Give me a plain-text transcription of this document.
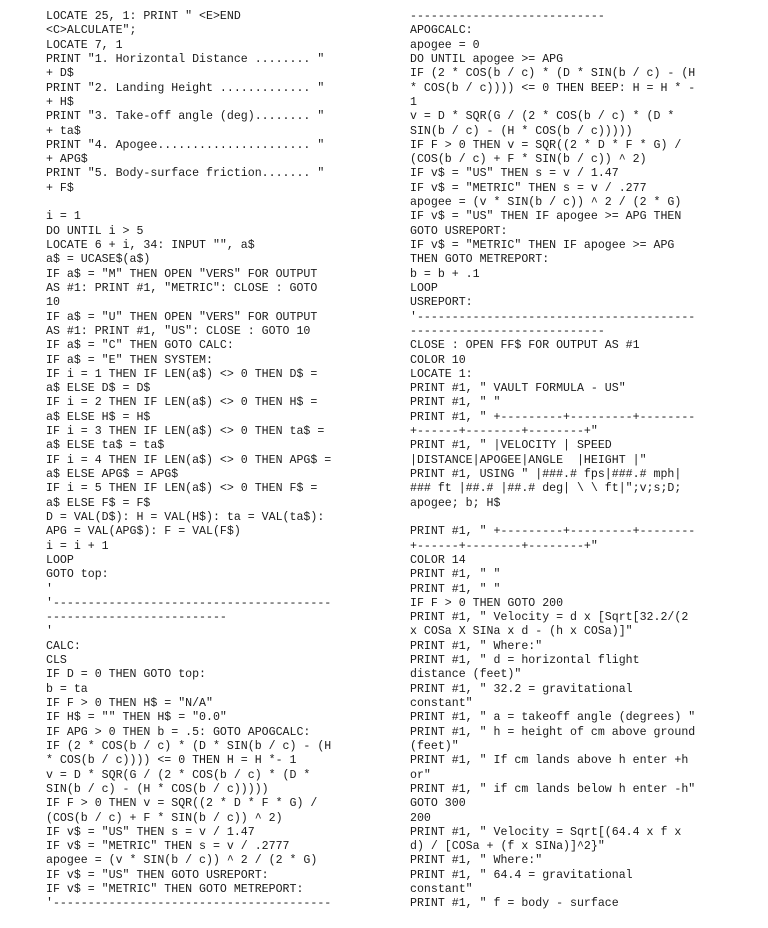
LOCATE 25, 1: PRINT " <E>END
<C>ALCULATE";
LOCATE 7, 1
PRINT "1. Horizontal Distance ........ "
+ D$
PRINT "2. Landing Height ............. "
+ H$
PRINT "3. Take-off angle (deg)........ "
+ ta$
PRINT "4. Apogee...................... "
+ APG$
PRINT "5. Body-surface friction....... "
+ F$
i = 1
DO UNTIL i > 5
LOCATE 6 + i, 34: INPUT "", a$
a$ = UCASE$(a$)
IF a$ = "M" THEN OPEN "VERS" FOR OUTPUT
AS #1: PRINT #1, "METRIC": CLOSE : GOTO
10
IF a$ = "U" THEN OPEN "VERS" FOR OUTPUT
AS #1: PRINT #1, "US": CLOSE : GOTO 10
IF a$ = "C" THEN GOTO CALC:
IF a$ = "E" THEN SYSTEM:
IF i = 1 THEN IF LEN(a$) <> 0 THEN D$ =
a$ ELSE D$ = D$
IF i = 2 THEN IF LEN(a$) <> 0 THEN H$ =
a$ ELSE H$ = H$
IF i = 3 THEN IF LEN(a$) <> 0 THEN ta$ =
a$ ELSE ta$ = ta$
IF i = 4 THEN IF LEN(a$) <> 0 THEN APG$ =
a$ ELSE APG$ = APG$
IF i = 5 THEN IF LEN(a$) <> 0 THEN F$ =
a$ ELSE F$ = F$
D = VAL(D$): H = VAL(H$): ta = VAL(ta$):
APG = VAL(APG$): F = VAL(F$)
i = i + 1
LOOP
GOTO top:
'
'----------------------------------------
--------------------------
'
CALC:
CLS
IF D = 0 THEN GOTO top:
b = ta
IF F > 0 THEN H$ = "N/A"
IF H$ = "" THEN H$ = "0.0"
IF APG > 0 THEN b = .5: GOTO APOGCALC:
IF (2 * COS(b / c) * (D * SIN(b / c) - (H
* COS(b / c)))) <= 0 THEN H = H *- 1
v = D * SQR(G / (2 * COS(b / c) * (D *
SIN(b / c) - (H * COS(b / c)))))
IF F > 0 THEN v = SQR((2 * D * F * G) /
(COS(b / c) + F * SIN(b / c)) ^ 2)
IF v$ = "US" THEN s = v / 1.47
IF v$ = "METRIC" THEN s = v / .2777
apogee = (v * SIN(b / c)) ^ 2 / (2 * G)
IF v$ = "US" THEN GOTO USREPORT:
IF v$ = "METRIC" THEN GOTO METREPORT:
'----------------------------------------
----------------------------
APOGCALC:
apogee = 0
DO UNTIL apogee >= APG
IF (2 * COS(b / c) * (D * SIN(b / c) - (H
* COS(b / c)))) <= 0 THEN BEEP: H = H * -
1
v = D * SQR(G / (2 * COS(b / c) * (D *
SIN(b / c) - (H * COS(b / c)))))
IF F > 0 THEN v = SQR((2 * D * F * G) /
(COS(b / c) + F * SIN(b / c)) ^ 2)
IF v$ = "US" THEN s = v / 1.47
IF v$ = "METRIC" THEN s = v / .277
apogee = (v * SIN(b / c)) ^ 2 / (2 * G)
IF v$ = "US" THEN IF apogee >= APG THEN
GOTO USREPORT:
IF v$ = "METRIC" THEN IF apogee >= APG
THEN GOTO METREPORT:
b = b + .1
LOOP
USREPORT:
'----------------------------------------
----------------------------
CLOSE : OPEN FF$ FOR OUTPUT AS #1
COLOR 10
LOCATE 1:
PRINT #1, " VAULT FORMULA - US"
PRINT #1, " "
PRINT #1, " +---------+---------+--------
+------+--------+--------+"
PRINT #1, " |VELOCITY | SPEED
|DISTANCE|APOGEE|ANGLE  |HEIGHT |"
PRINT #1, USING " |###.# fps|###.# mph|
### ft |##.# |##.# deg| \ \ ft|";v;s;D;
apogee; b; H$
PRINT #1, " +---------+---------+--------
+------+--------+--------+"
COLOR 14
PRINT #1, " "
PRINT #1, " "
IF F > 0 THEN GOTO 200
PRINT #1, " Velocity = d x [Sqrt[32.2/(2
x COSa X SINa x d - (h x COSa)]"
PRINT #1, " Where:"
PRINT #1, " d = horizontal flight
distance (feet)"
PRINT #1, " 32.2 = gravitational
constant"
PRINT #1, " a = takeoff angle (degrees) "
PRINT #1, " h = height of cm above ground
(feet)"
PRINT #1, " If cm lands above h enter +h
or"
PRINT #1, " if cm lands below h enter -h"
GOTO 300
200
PRINT #1, " Velocity = Sqrt[(64.4 x f x
d) / [COSa + (f x SINa)]^2}"
PRINT #1, " Where:"
PRINT #1, " 64.4 = gravitational
constant"
PRINT #1, " f = body - surface
